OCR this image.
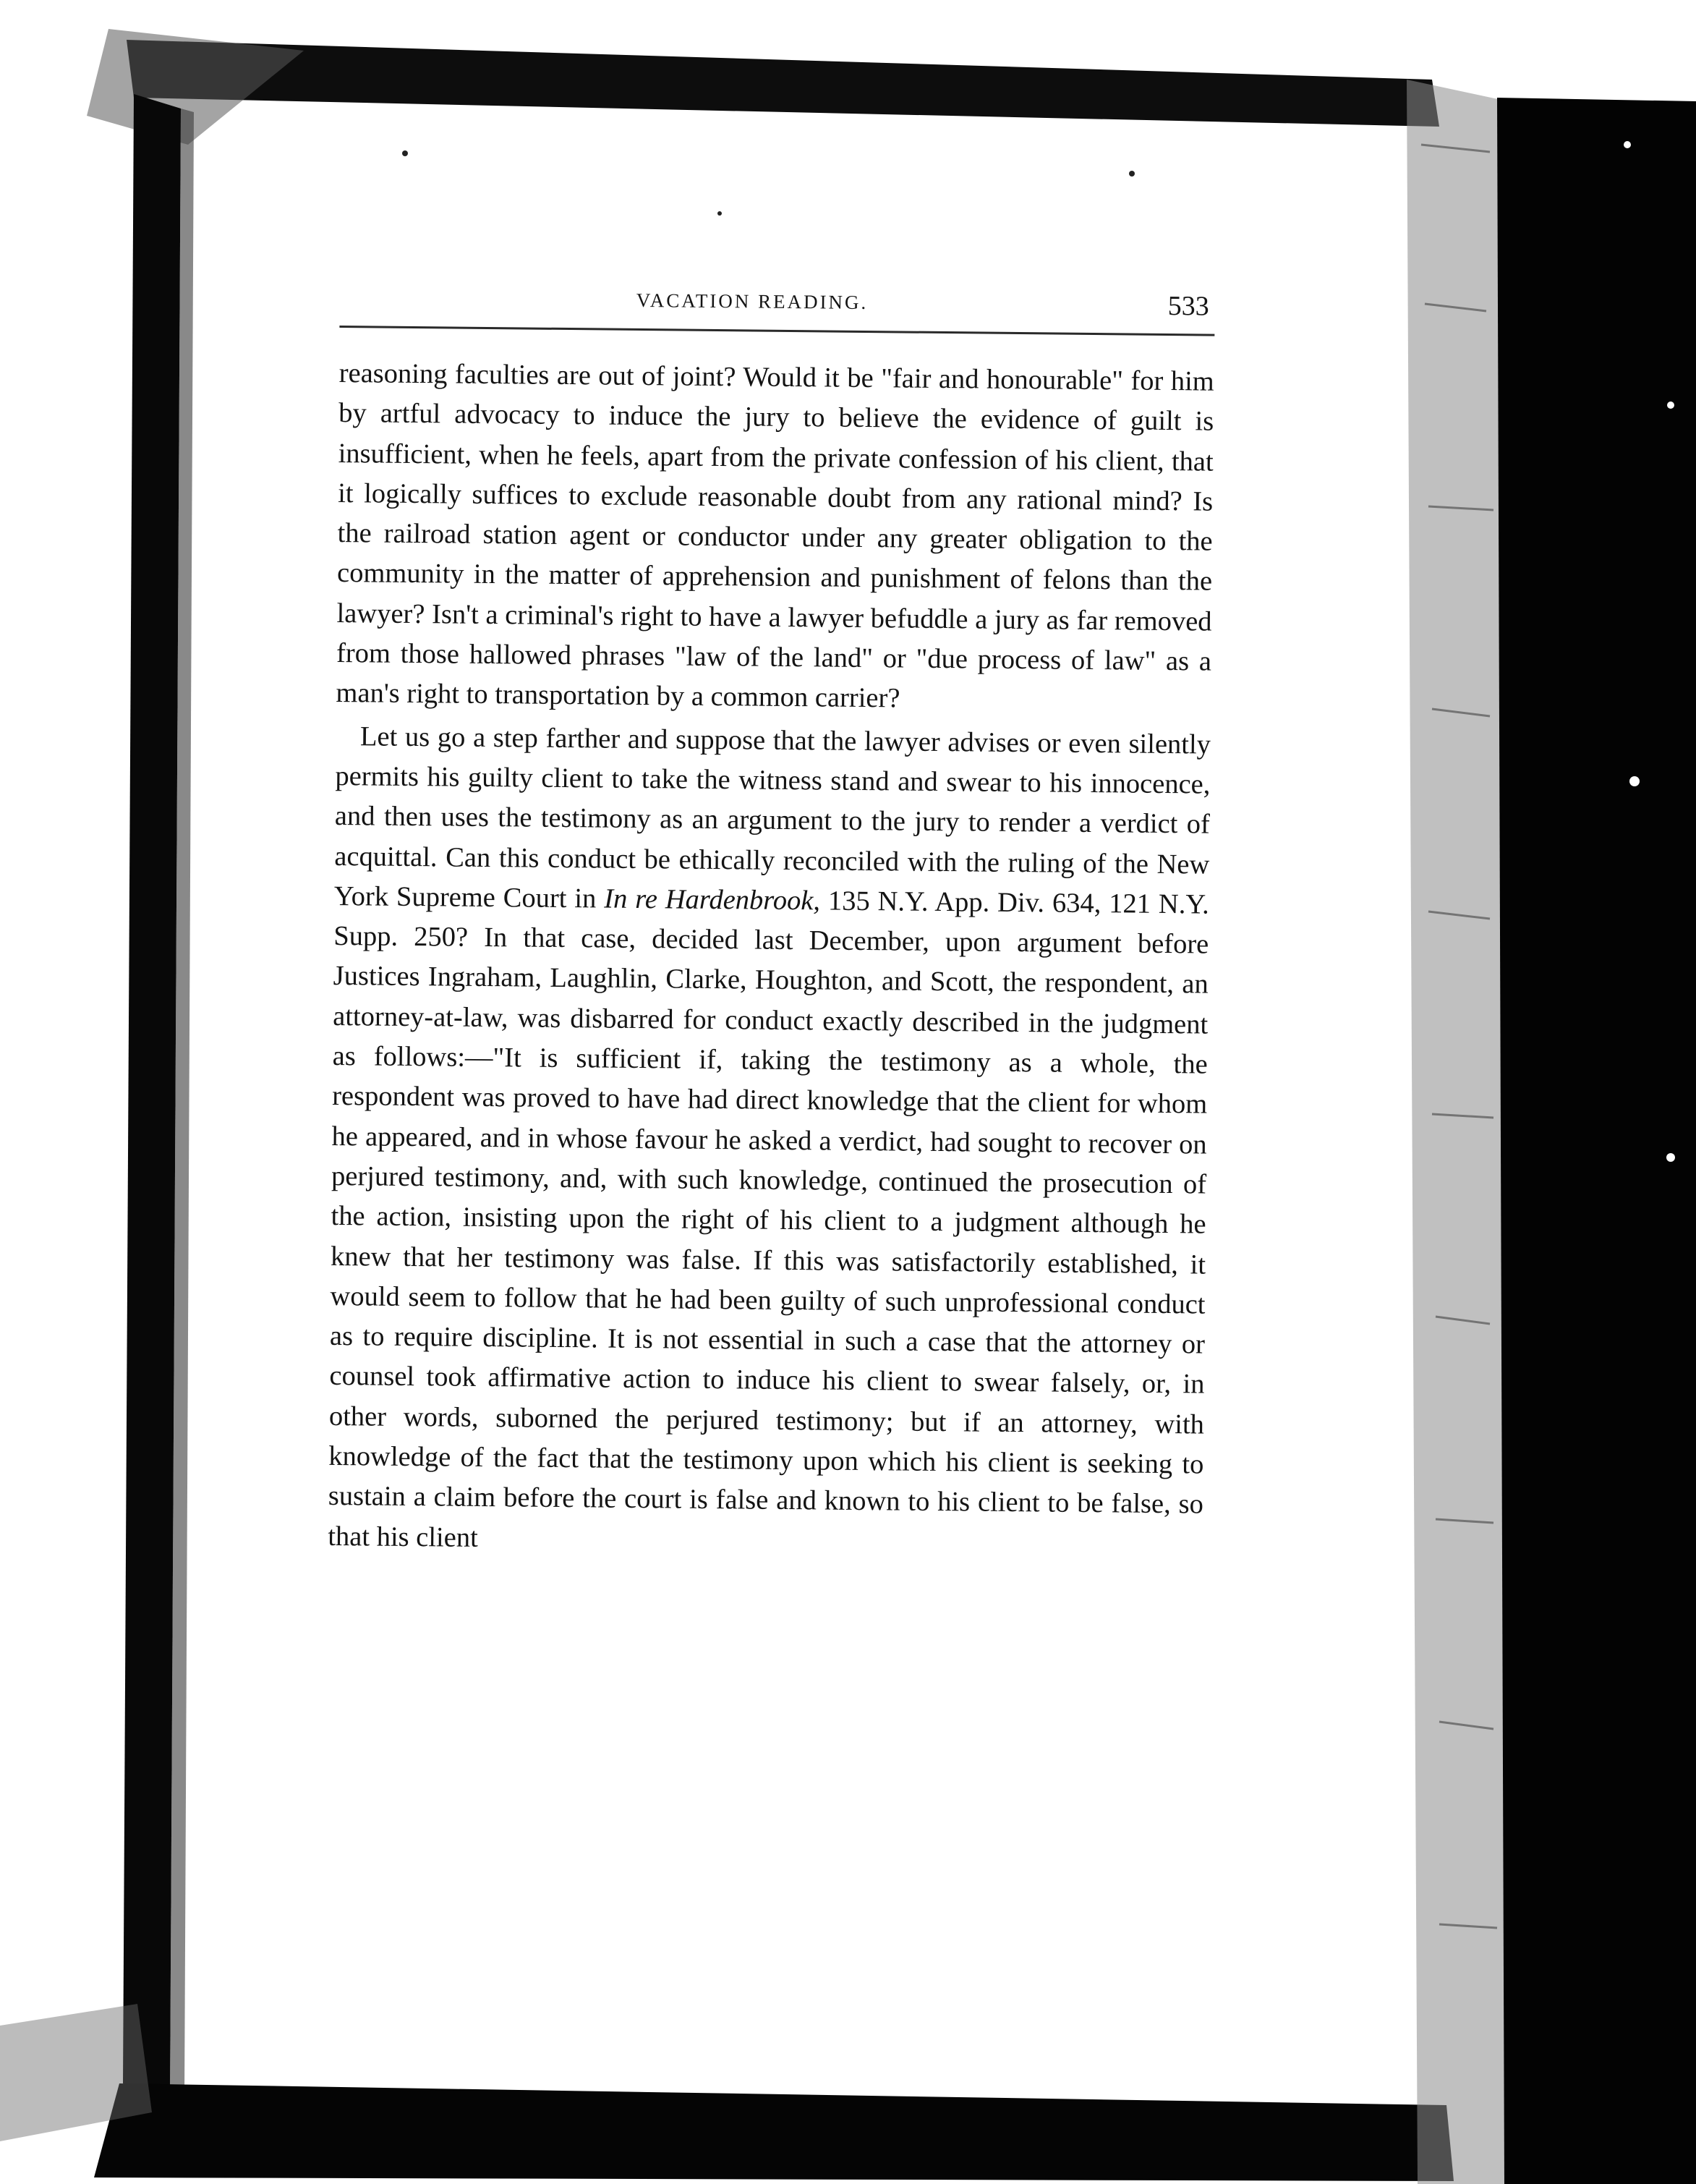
VACATION READING.	533

reasoning faculties are out of joint? Would it be "fair and honourable" for him by artful advocacy to induce the jury to believe the evidence of guilt is insufficient, when he feels, apart from the private confession of his client, that it logically suffices to exclude reasonable doubt from any rational mind? Is the railroad station agent or conductor under any greater obligation to the community in the matter of apprehension and punishment of felons than the lawyer? Isn't a criminal's right to have a lawyer befuddle a jury as far removed from those hallowed phrases "law of the land" or "due process of law" as a man's right to transportation by a common carrier?

Let us go a step farther and suppose that the lawyer advises or even silently permits his guilty client to take the witness stand and swear to his innocence, and then uses the testimony as an argument to the jury to render a verdict of acquittal. Can this conduct be ethically reconciled with the ruling of the New York Supreme Court in In re Hardenbrook, 135 N.Y. App. Div. 634, 121 N.Y. Supp. 250? In that case, decided last December, upon argument before Justices Ingraham, Laughlin, Clarke, Houghton, and Scott, the respondent, an attorney-at-law, was disbarred for conduct exactly described in the judgment as follows:—"It is sufficient if, taking the testimony as a whole, the respondent was proved to have had direct knowledge that the client for whom he appeared, and in whose favour he asked a verdict, had sought to recover on perjured testimony, and, with such knowledge, continued the prosecution of the action, insisting upon the right of his client to a judgment although he knew that her testimony was false. If this was satisfactorily established, it would seem to follow that he had been guilty of such unprofessional conduct as to require discipline. It is not essential in such a case that the attorney or counsel took affirmative action to induce his client to swear falsely, or, in other words, suborned the perjured testimony; but if an attorney, with knowledge of the fact that the testimony upon which his client is seeking to sustain a claim before the court is false and known to his client to be false, so that his client
